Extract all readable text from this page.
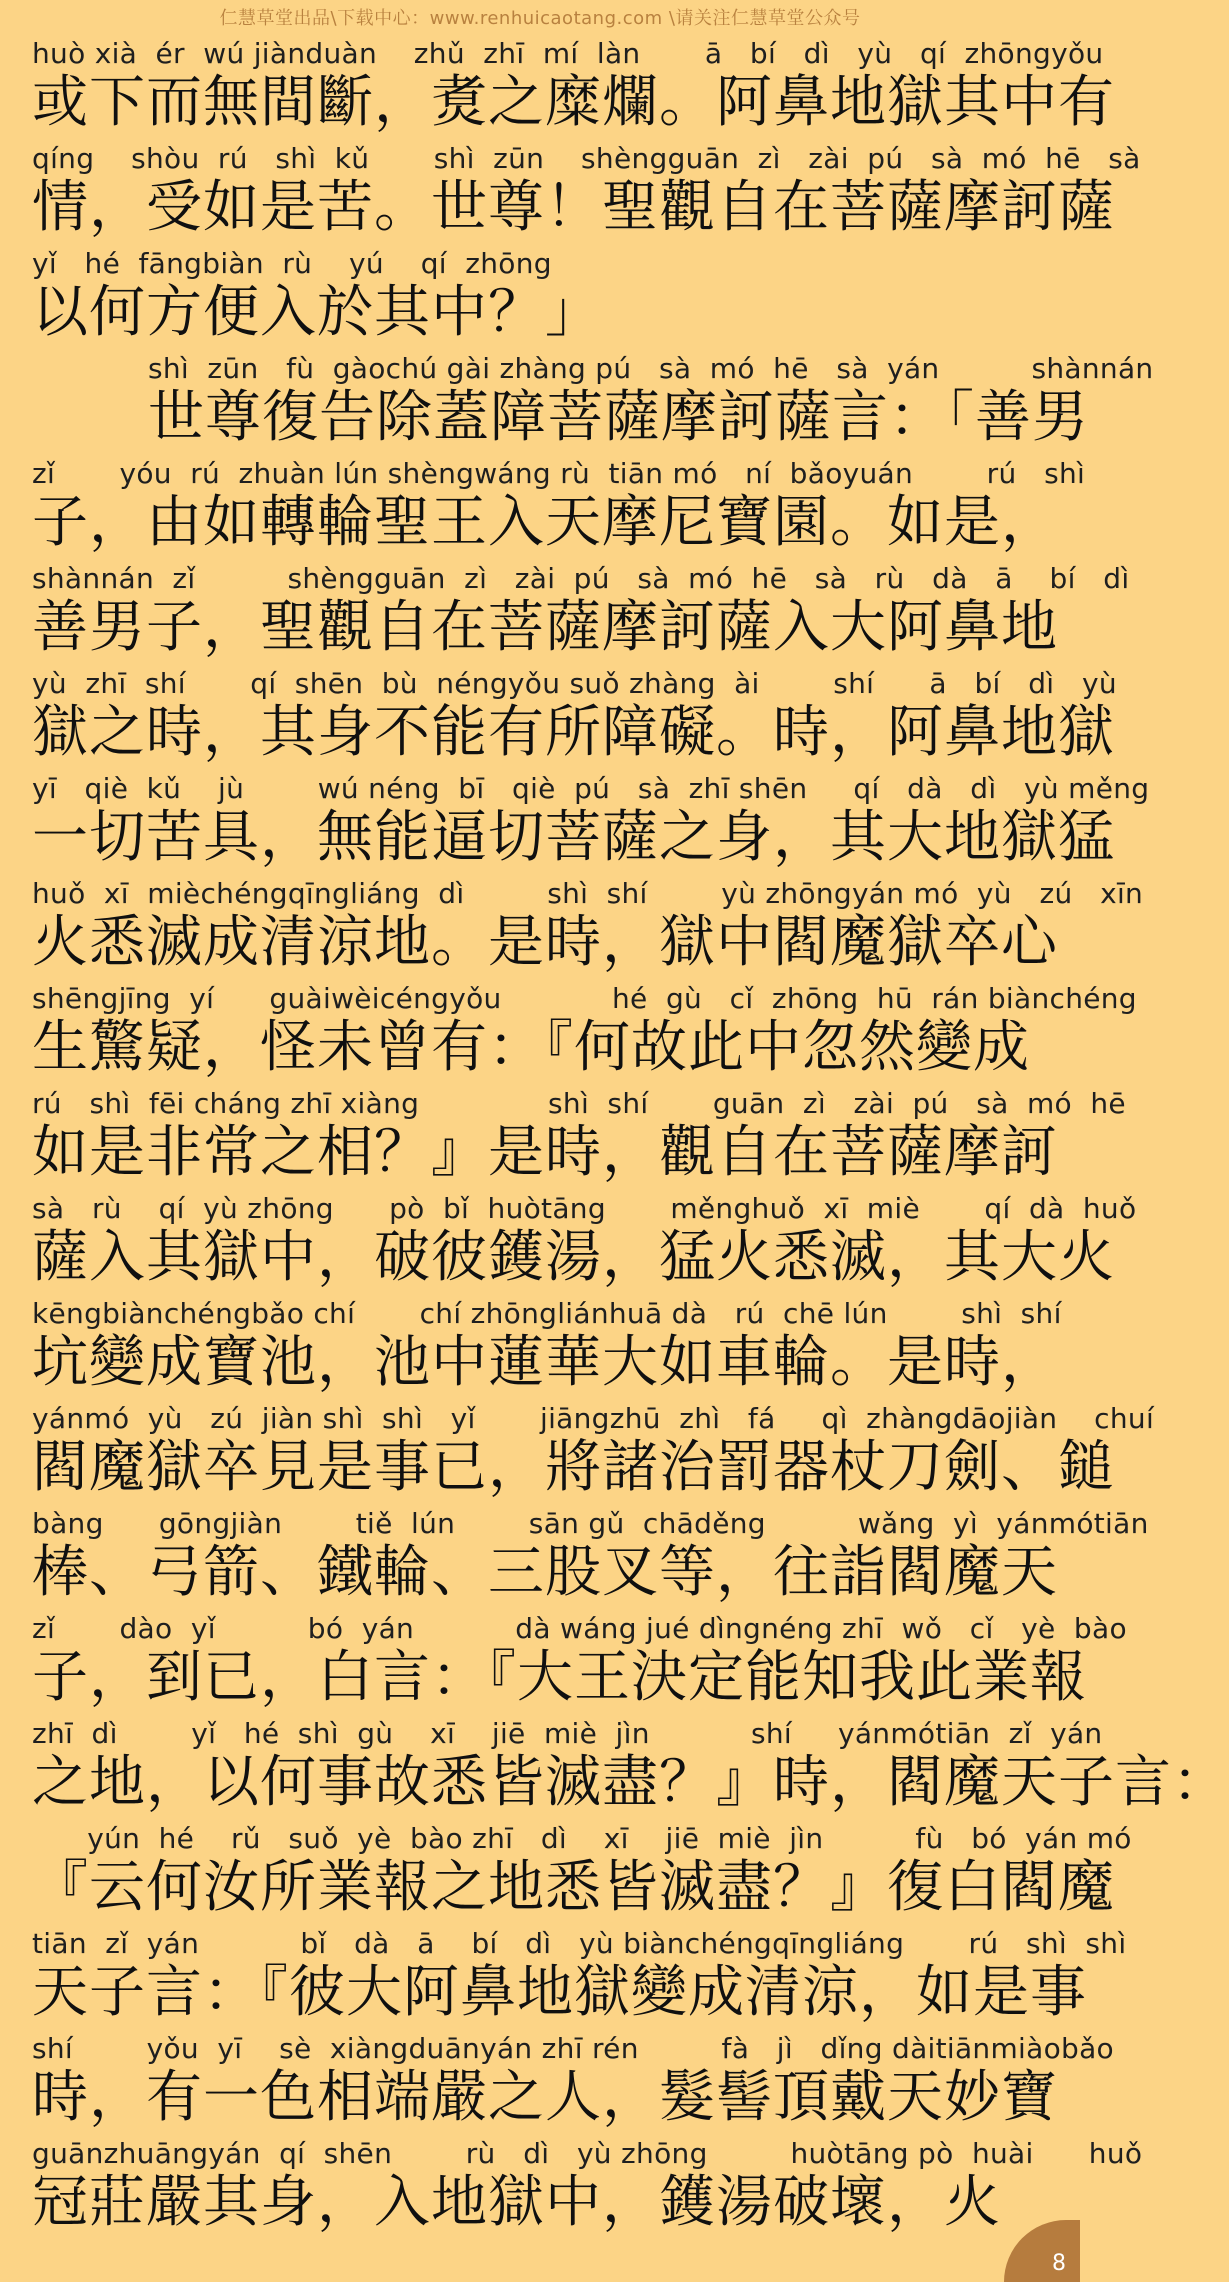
仁慧草堂出品\下载中心：www.renhuicaotang.com \请关注仁慧草堂公众号
huò xià  ér  wú jiànduàn    zhǔ  zhī  mí  làn       ā   bí   dì   yù   qí  zhōngyǒu
或下而無間斷，煑之糜爛。阿鼻地獄其中有
qíng    shòu  rú   shì  kǔ       shì  zūn    shèngguān  zì   zài  pú   sà  mó  hē   sà
情，受如是苦。世尊！聖觀自在菩薩摩訶薩
yǐ   hé  fāngbiàn  rù    yú    qí  zhōng
以何方便入於其中？」
shì  zūn   fù  gàochú gài zhàng pú   sà  mó  hē   sà  yán          shànnán
世尊復告除蓋障菩薩摩訶薩言：「善男
zǐ       yóu  rú  zhuàn lún shèngwáng rù  tiān mó   ní  bǎoyuán        rú   shì
子，由如轉輪聖王入天摩尼寶園。如是，
shànnán  zǐ          shèngguān  zì   zài  pú   sà  mó  hē   sà   rù   dà   ā    bí   dì
善男子，聖觀自在菩薩摩訶薩入大阿鼻地
yù  zhī  shí       qí  shēn  bù  néngyǒu suǒ zhàng  ài        shí      ā   bí   dì   yù
獄之時，其身不能有所障礙。時，阿鼻地獄
yī   qiè  kǔ    jù        wú néng  bī   qiè  pú   sà  zhī shēn     qí   dà   dì   yù měng
一切苦具，無能逼切菩薩之身，其大地獄猛
huǒ  xī  mièchéngqīngliáng  dì         shì  shí        yù zhōngyán mó  yù   zú   xīn
火悉滅成清涼地。是時，獄中閻魔獄卒心
shēngjīng  yí      guàiwèicéngyǒu            hé  gù   cǐ  zhōng  hū  rán biànchéng
生驚疑，怪未曾有：『何故此中忽然變成
rú   shì  fēi cháng zhī xiàng              shì  shí       guān  zì   zài  pú   sà  mó  hē
如是非常之相？』是時，觀自在菩薩摩訶
sà   rù    qí  yù zhōng      pò  bǐ  huòtāng       měnghuǒ  xī  miè       qí  dà  huǒ
薩入其獄中，破彼鑊湯，猛火悉滅，其大火
kēngbiànchéngbǎo chí       chí zhōngliánhuā dà   rú  chē lún        shì  shí
坑變成寶池，池中蓮華大如車輪。是時，
yánmó  yù   zú  jiàn shì  shì   yǐ       jiāngzhū  zhì   fá     qì  zhàngdāojiàn    chuí
閻魔獄卒見是事已，將諸治罰器杖刀劍、鎚
bàng      gōngjiàn        tiě  lún        sān gǔ  chāděng          wǎng  yì  yánmótiān
棒、弓箭、鐵輪、三股叉等，往詣閻魔天
zǐ       dào  yǐ          bó  yán           dà wáng jué dìngnéng zhī  wǒ   cǐ   yè  bào
子，到已，白言：『大王決定能知我此業報
zhī  dì        yǐ   hé  shì  gù    xī    jiē  miè  jìn           shí     yánmótiān  zǐ  yán
之地，以何事故悉皆滅盡？』時，閻魔天子言：
yún  hé    rǔ   suǒ  yè  bào zhī   dì    xī    jiē  miè  jìn          fù   bó  yán mó
『云何汝所業報之地悉皆滅盡？』復白閻魔
tiān  zǐ  yán           bǐ   dà   ā    bí   dì   yù biànchéngqīngliáng       rú   shì  shì
天子言：『彼大阿鼻地獄變成清涼，如是事
shí        yǒu  yī    sè  xiàngduānyán zhī rén         fà   jì   dǐng dàitiānmiàobǎo
時，有一色相端嚴之人，髮髻頂戴天妙寶
guānzhuāngyán  qí  shēn        rù   dì   yù zhōng         huòtāng pò  huài      huǒ
冠莊嚴其身，入地獄中，鑊湯破壞，火
8
